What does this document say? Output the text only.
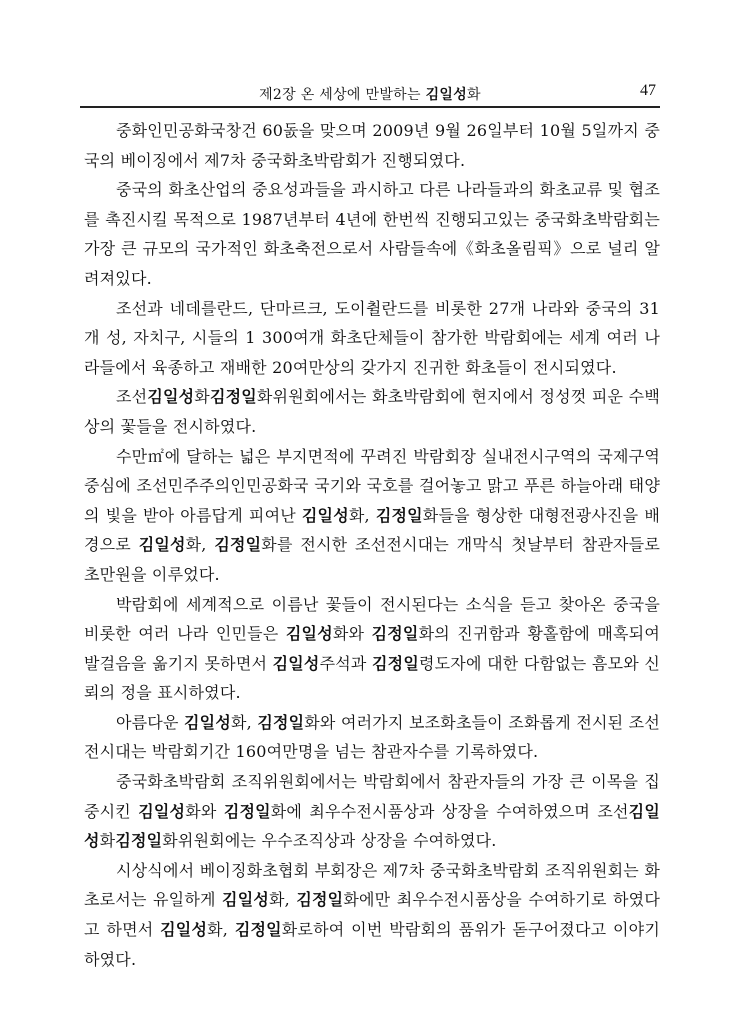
제2장 온 세상에 만발하는 김일성화	47

중화인민공화국창건 60돐을 맞으며 2009년 9월 26일부터 10월 5일까지 중국의 베이징에서 제7차 중국화초박람회가 진행되였다.

중국의 화초산업의 중요성과들을 과시하고 다른 나라들과의 화초교류 및 협조를 촉진시킬 목적으로 1987년부터 4년에 한번씩 진행되고있는 중국화초박람회는 가장 큰 규모의 국가적인 화초축전으로서 사람들속에《화초올림픽》으로 널리 알려져있다.

조선과 네데를란드, 단마르크, 도이췰란드를 비롯한 27개 나라와 중국의 31개 성, 자치구, 시들의 1 300여개 화초단체들이 참가한 박람회에는 세계 여러 나라들에서 육종하고 재배한 20여만상의 갖가지 진귀한 화초들이 전시되였다.

조선김일성화김정일화위원회에서는 화초박람회에 현지에서 정성껏 피운 수백상의 꽃들을 전시하였다.

수만㎡에 달하는 넓은 부지면적에 꾸려진 박람회장 실내전시구역의 국제구역 중심에 조선민주주의인민공화국 국기와 국호를 걸어놓고 맑고 푸른 하늘아래 태양의 빛을 받아 아름답게 피여난 김일성화, 김정일화들을 형상한 대형전광사진을 배경으로 김일성화, 김정일화를 전시한 조선전시대는 개막식 첫날부터 참관자들로 초만원을 이루었다.

박람회에 세계적으로 이름난 꽃들이 전시된다는 소식을 듣고 찾아온 중국을 비롯한 여러 나라 인민들은 김일성화와 김정일화의 진귀함과 황홀함에 매혹되여 발걸음을 옮기지 못하면서 김일성주석과 김정일령도자에 대한 다함없는 흠모와 신뢰의 정을 표시하였다.

아름다운 김일성화, 김정일화와 여러가지 보조화초들이 조화롭게 전시된 조선전시대는 박람회기간 160여만명을 넘는 참관자수를 기록하였다.

중국화초박람회 조직위원회에서는 박람회에서 참관자들의 가장 큰 이목을 집중시킨 김일성화와 김정일화에 최우수전시품상과 상장을 수여하였으며 조선김일성화김정일화위원회에는 우수조직상과 상장을 수여하였다.

시상식에서 베이징화초협회 부회장은 제7차 중국화초박람회 조직위원회는 화초로서는 유일하게 김일성화, 김정일화에만 최우수전시품상을 수여하기로 하였다고 하면서 김일성화, 김정일화로하여 이번 박람회의 품위가 돋구어졌다고 이야기하였다.
